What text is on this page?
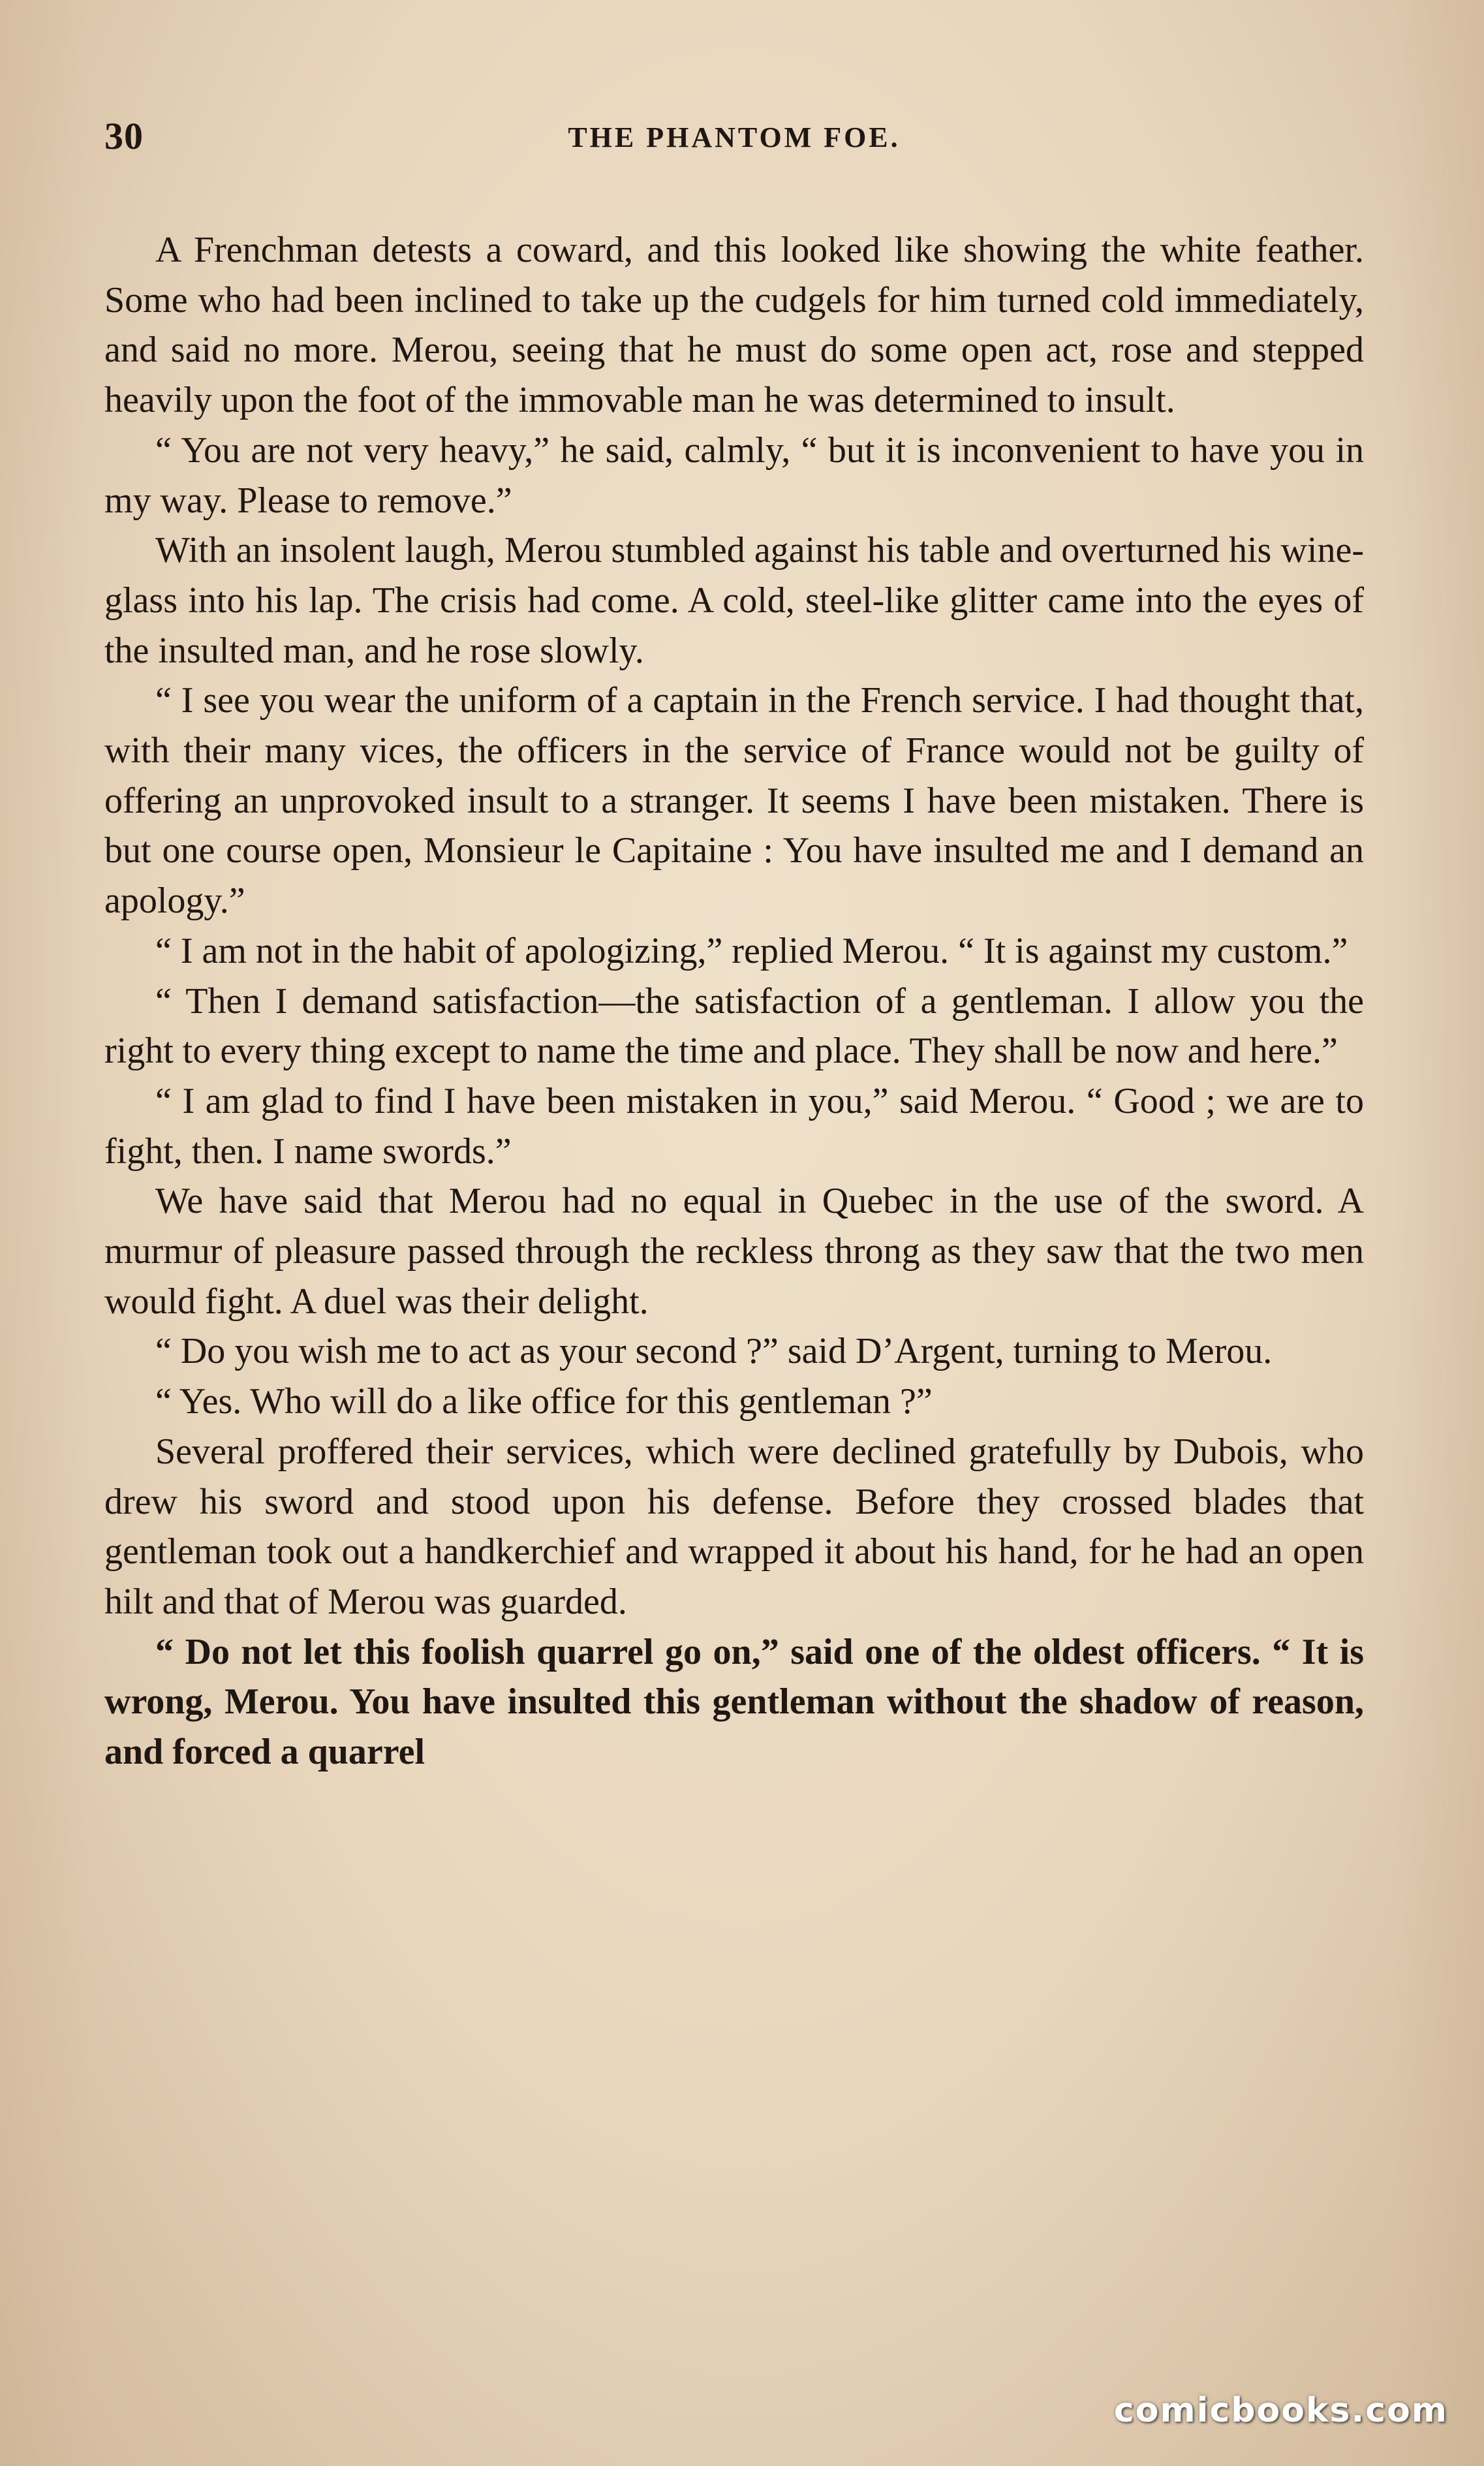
30	THE PHANTOM FOE.

A Frenchman detests a coward, and this looked like showing the white feather. Some who had been inclined to take up the cudgels for him turned cold immediately, and said no more. Merou, seeing that he must do some open act, rose and stepped heavily upon the foot of the immovable man he was determined to insult.

“ You are not very heavy,” he said, calmly, “ but it is inconvenient to have you in my way. Please to remove.”

With an insolent laugh, Merou stumbled against his table and overturned his wine-glass into his lap. The crisis had come. A cold, steel-like glitter came into the eyes of the insulted man, and he rose slowly.

“ I see you wear the uniform of a captain in the French service. I had thought that, with their many vices, the officers in the service of France would not be guilty of offering an unprovoked insult to a stranger. It seems I have been mistaken. There is but one course open, Monsieur le Capitaine : You have insulted me and I demand an apology.”

“ I am not in the habit of apologizing,” replied Merou. “ It is against my custom.”

“ Then I demand satisfaction—the satisfaction of a gentleman. I allow you the right to every thing except to name the time and place. They shall be now and here.”

“ I am glad to find I have been mistaken in you,” said Merou. “ Good ; we are to fight, then. I name swords.”

We have said that Merou had no equal in Quebec in the use of the sword. A murmur of pleasure passed through the reckless throng as they saw that the two men would fight. A duel was their delight.

“ Do you wish me to act as your second ?” said D’Argent, turning to Merou.

“ Yes. Who will do a like office for this gentleman ?”

Several proffered their services, which were declined gratefully by Dubois, who drew his sword and stood upon his defense. Before they crossed blades that gentleman took out a handkerchief and wrapped it about his hand, for he had an open hilt and that of Merou was guarded.

“ Do not let this foolish quarrel go on,” said one of the oldest officers. “ It is wrong, Merou. You have insulted this gentleman without the shadow of reason, and forced a quarrel

comicbooks.com
